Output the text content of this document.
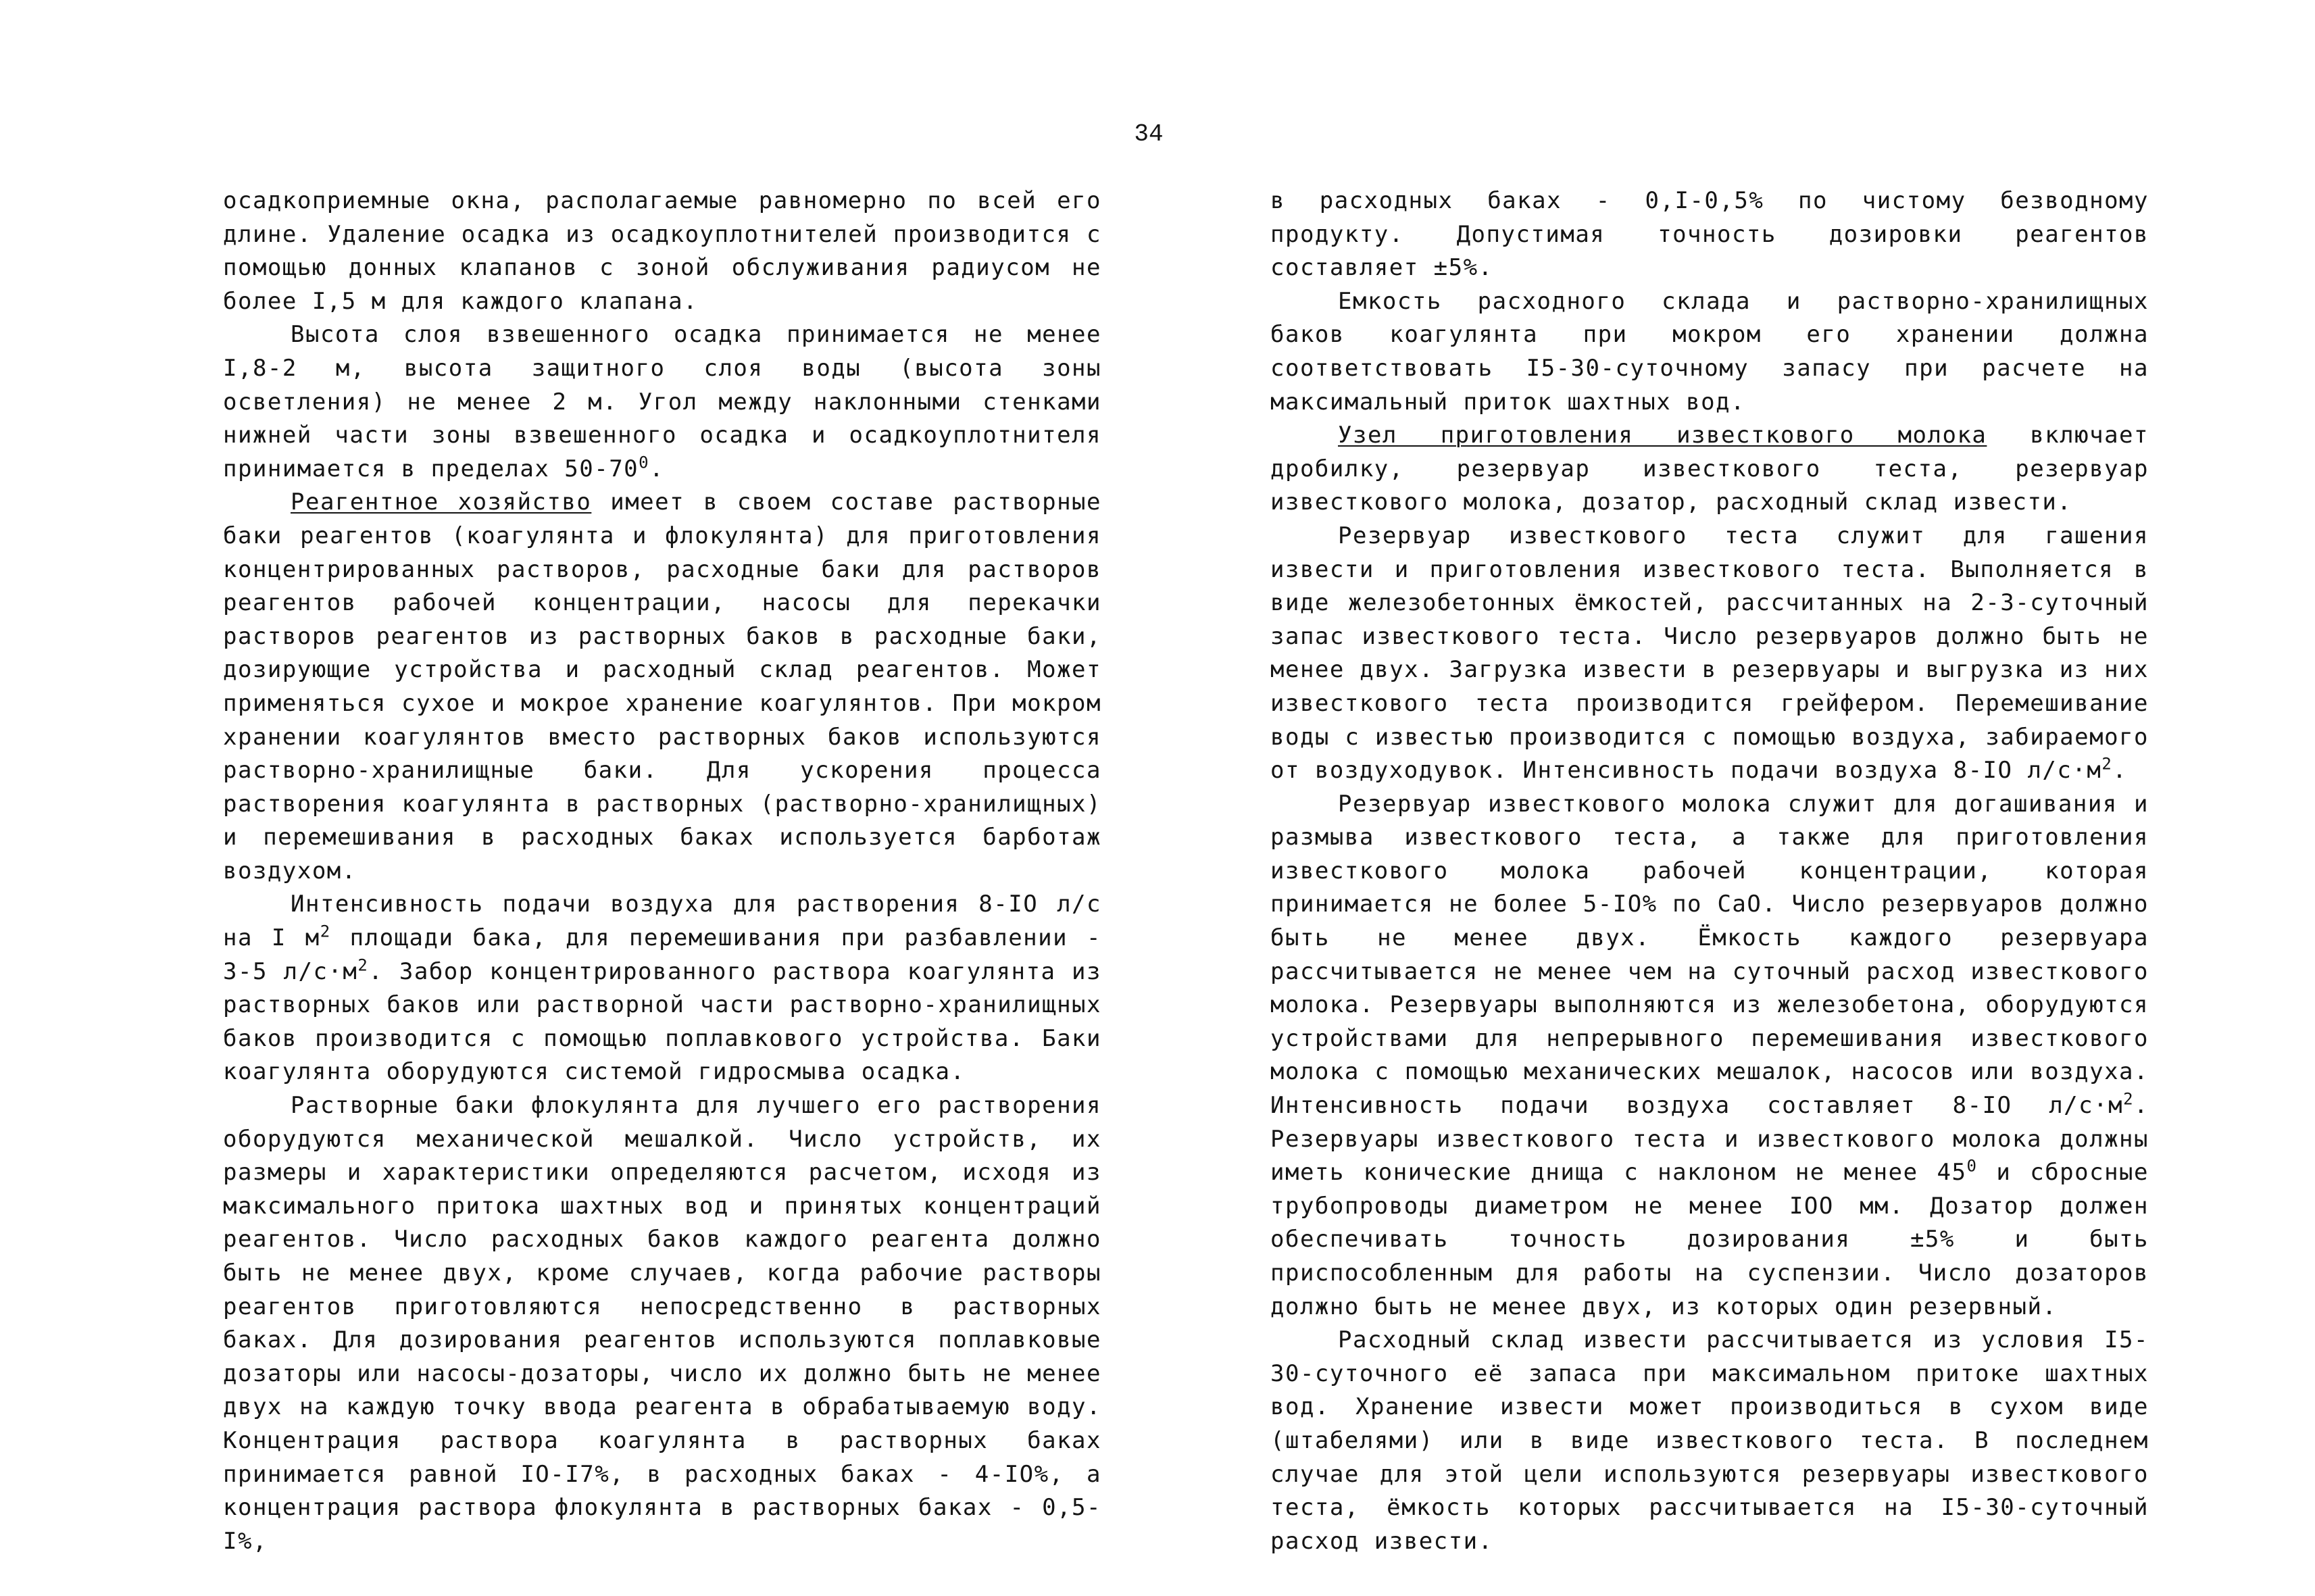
34

осадкоприемные окна, располагаемые равномерно по всей его длине. Удаление осадка из осадкоуплотнителей производится с помощью донных клапанов с зоной обслуживания радиусом не более I,5 м для каждого клапана.

Высота слоя взвешенного осадка принимается не менее I,8-2 м, высота защитного слоя воды (высота зоны осветления) не менее 2 м. Угол между наклонными стенками нижней части зоны взвешенного осадка и осадкоуплотнителя принимается в пределах $50-70^0$.

Реагентное хозяйство имеет в своем составе растворные баки реагентов (коагулянта и флокулянта) для приготовления концентрированных растворов, расходные баки для растворов реагентов рабочей концентрации, насосы для перекачки растворов реагентов из растворных баков в расходные баки, дозирующие устройства и расходный склад реагентов. Может применяться сухое и мокрое хранение коагулянтов. При мокром хранении коагулянтов вместо растворных баков используются растворно-хранилищные баки. Для ускорения процесса растворения коагулянта в растворных (растворно-хранилищных) и перемешивания в расходных баках используется барботаж воздухом.

Интенсивность подачи воздуха для растворения 8-IO л/с на I $м^2$ площади бака, для перемешивания при разбавлении - 3-5 $л/с\cdot м^2$. Забор концентрированного раствора коагулянта из растворных баков или растворной части растворно-хранилищных баков производится с помощью поплавкового устройства. Баки коагулянта оборудуются системой гидросмыва осадка.

Растворные баки флокулянта для лучшего его растворения оборудуются механической мешалкой. Число устройств, их размеры и характеристики определяются расчетом, исходя из максимального притока шахтных вод и принятых концентраций реагентов. Число расходных баков каждого реагента должно быть не менее двух, кроме случаев, когда рабочие растворы реагентов приготовляются непосредственно в растворных баках. Для дозирования реагентов используются поплавковые дозаторы или насосы-дозаторы, число их должно быть не менее двух на каждую точку ввода реагента в обрабатываемую воду. Концентрация раствора коагулянта в растворных баках принимается равной IO-I7%, в расходных баках - 4-IO%, а концентрация раствора флокулянта в растворных баках - 0,5-I%,

в расходных баках - 0,I-0,5% по чистому безводному продукту. Допустимая точность дозировки реагентов составляет ±5%.

Емкость расходного склада и растворно-хранилищных баков коагулянта при мокром его хранении должна соответствовать I5-30-суточному запасу при расчете на максимальный приток шахтных вод.

Узел приготовления известкового молока включает дробилку, резервуар известкового теста, резервуар известкового молока, дозатор, расходный склад извести.

Резервуар известкового теста служит для гашения извести и приготовления известкового теста. Выполняется в виде железобетонных ёмкостей, рассчитанных на 2-3-суточный запас известкового теста. Число резервуаров должно быть не менее двух. Загрузка извести в резервуары и выгрузка из них известкового теста производится грейфером. Перемешивание воды с известью производится с помощью воздуха, забираемого от воздуходувок. Интенсивность подачи воздуха 8-IO $л/с\cdot м^2$.

Резервуар известкового молока служит для догашивания и размыва известкового теста, а также для приготовления известкового молока рабочей концентрации, которая принимается не более 5-IO% по CaO. Число резервуаров должно быть не менее двух. Ёмкость каждого резервуара рассчитывается не менее чем на суточный расход известкового молока. Резервуары выполняются из железобетона, оборудуются устройствами для непрерывного перемешивания известкового молока с помощью механических мешалок, насосов или воздуха. Интенсивность подачи воздуха составляет 8-IO $л/с\cdot м^2$. Резервуары известкового теста и известкового молока должны иметь конические днища с наклоном не менее $45^0$ и сбросные трубопроводы диаметром не менее IOO мм. Дозатор должен обеспечивать точность дозирования ±5% и быть приспособленным для работы на суспензии. Число дозаторов должно быть не менее двух, из которых один резервный.

Расходный склад извести рассчитывается из условия I5-30-суточного её запаса при максимальном притоке шахтных вод. Хранение извести может производиться в сухом виде (штабелями) или в виде известкового теста. В последнем случае для этой цели используются резервуары известкового теста, ёмкость которых рассчитывается на I5-30-суточный расход извести.
